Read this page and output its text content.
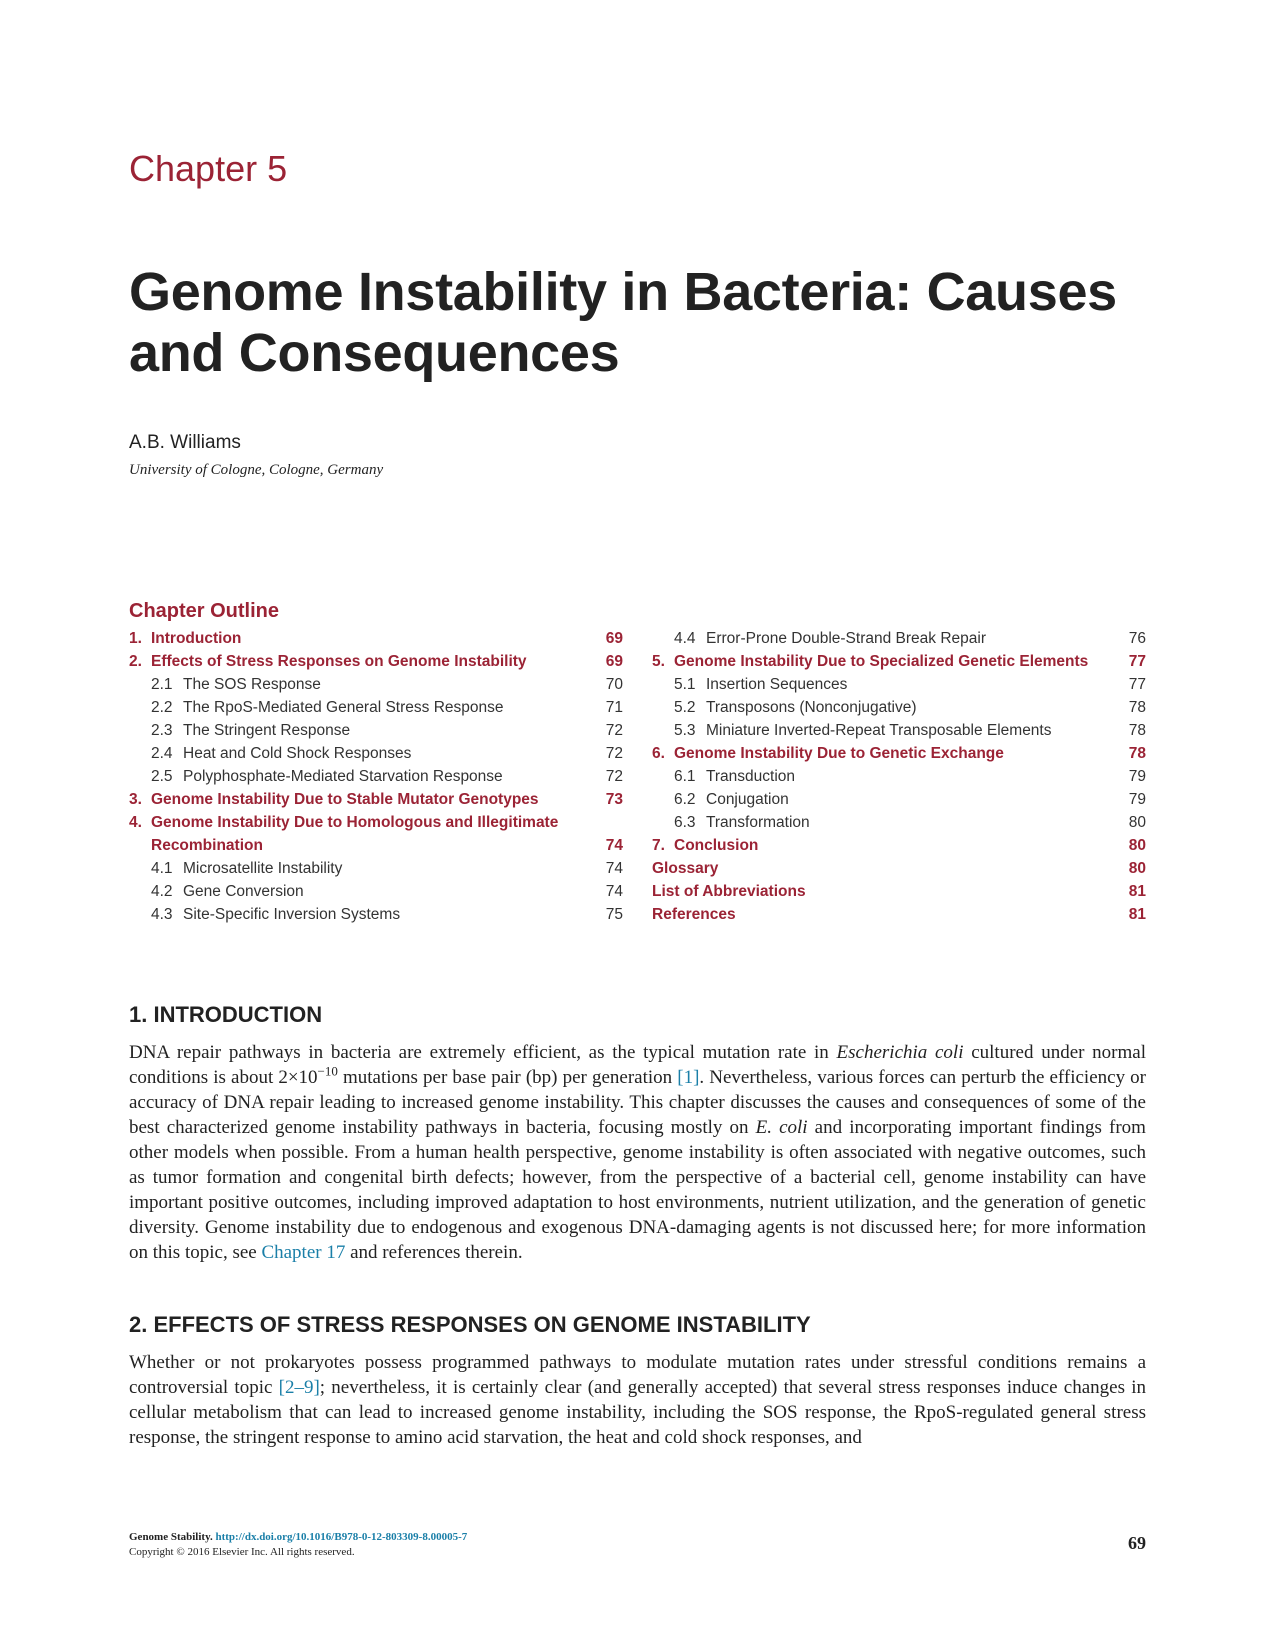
Chapter 5
Genome Instability in Bacteria: Causes and Consequences
A.B. Williams
University of Cologne, Cologne, Germany
Chapter Outline
1. Introduction	69
2. Effects of Stress Responses on Genome Instability	69
2.1 The SOS Response	70
2.2 The RpoS-Mediated General Stress Response	71
2.3 The Stringent Response	72
2.4 Heat and Cold Shock Responses	72
2.5 Polyphosphate-Mediated Starvation Response	72
3. Genome Instability Due to Stable Mutator Genotypes	73
4. Genome Instability Due to Homologous and Illegitimate
Recombination	74
4.1 Microsatellite Instability	74
4.2 Gene Conversion	74
4.3 Site-Specific Inversion Systems	75
4.4 Error-Prone Double-Strand Break Repair	76
5. Genome Instability Due to Specialized Genetic Elements	77
5.1 Insertion Sequences	77
5.2 Transposons (Nonconjugative)	78
5.3 Miniature Inverted-Repeat Transposable Elements	78
6. Genome Instability Due to Genetic Exchange	78
6.1 Transduction	79
6.2 Conjugation	79
6.3 Transformation	80
7. Conclusion	80
Glossary	80
List of Abbreviations	81
References	81
1. INTRODUCTION
DNA repair pathways in bacteria are extremely efficient, as the typical mutation rate in Escherichia coli cultured under normal conditions is about $2\times 10^{-10}$ mutations per base pair (bp) per generation [1]. Nevertheless, various forces can perturb the efficiency or accuracy of DNA repair leading to increased genome instability. This chapter discusses the causes and consequences of some of the best characterized genome instability pathways in bacteria, focusing mostly on E. coli and incorporating important findings from other models when possible. From a human health perspective, genome instability is often associated with negative outcomes, such as tumor formation and congenital birth defects; however, from the perspective of a bacterial cell, genome instability can have important positive outcomes, including improved adaptation to host environments, nutrient utilization, and the generation of genetic diversity. Genome instability due to endogenous and exogenous DNA-damaging agents is not discussed here; for more information on this topic, see Chapter 17 and references therein.
2. EFFECTS OF STRESS RESPONSES ON GENOME INSTABILITY
Whether or not prokaryotes possess programmed pathways to modulate mutation rates under stressful conditions remains a controversial topic [2–9]; nevertheless, it is certainly clear (and generally accepted) that several stress responses induce changes in cellular metabolism that can lead to increased genome instability, including the SOS response, the RpoS-regulated general stress response, the stringent response to amino acid starvation, the heat and cold shock responses, and
Genome Stability. http://dx.doi.org/10.1016/B978-0-12-803309-8.00005-7
Copyright © 2016 Elsevier Inc. All rights reserved.	69
